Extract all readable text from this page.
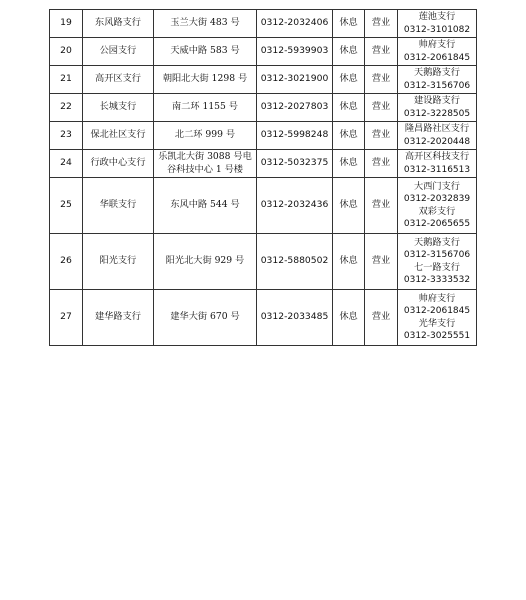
19	东风路支行	玉兰大街 483 号	0312-2032406	休息	营业	莲池支行
0312-3101082

20	公园支行	天威中路 583 号	0312-5939903	休息	营业	帅府支行
0312-2061845

21	高开区支行	朝阳北大街 1298 号	0312-3021900	休息	营业	天鹅路支行
0312-3156706

22	长城支行	南二环 1155 号	0312-2027803	休息	营业	建设路支行
0312-3228505

23	保北社区支行	北二环 999 号	0312-5998248	休息	营业	隆昌路社区支行
0312-2020448

24	行政中心支行	乐凯北大街 3088 号电谷科技中心 1 号楼	0312-5032375	休息	营业	高开区科技支行
0312-3116513

25	华联支行	东风中路 544 号	0312-2032436	休息	营业	大西门支行
0312-2032839
双彩支行
0312-2065655

26	阳光支行	阳光北大街 929 号	0312-5880502	休息	营业	天鹅路支行
0312-3156706
七一路支行
0312-3333532

27	建华路支行	建华大街 670 号	0312-2033485	休息	营业	帅府支行
0312-2061845
光华支行
0312-3025551
